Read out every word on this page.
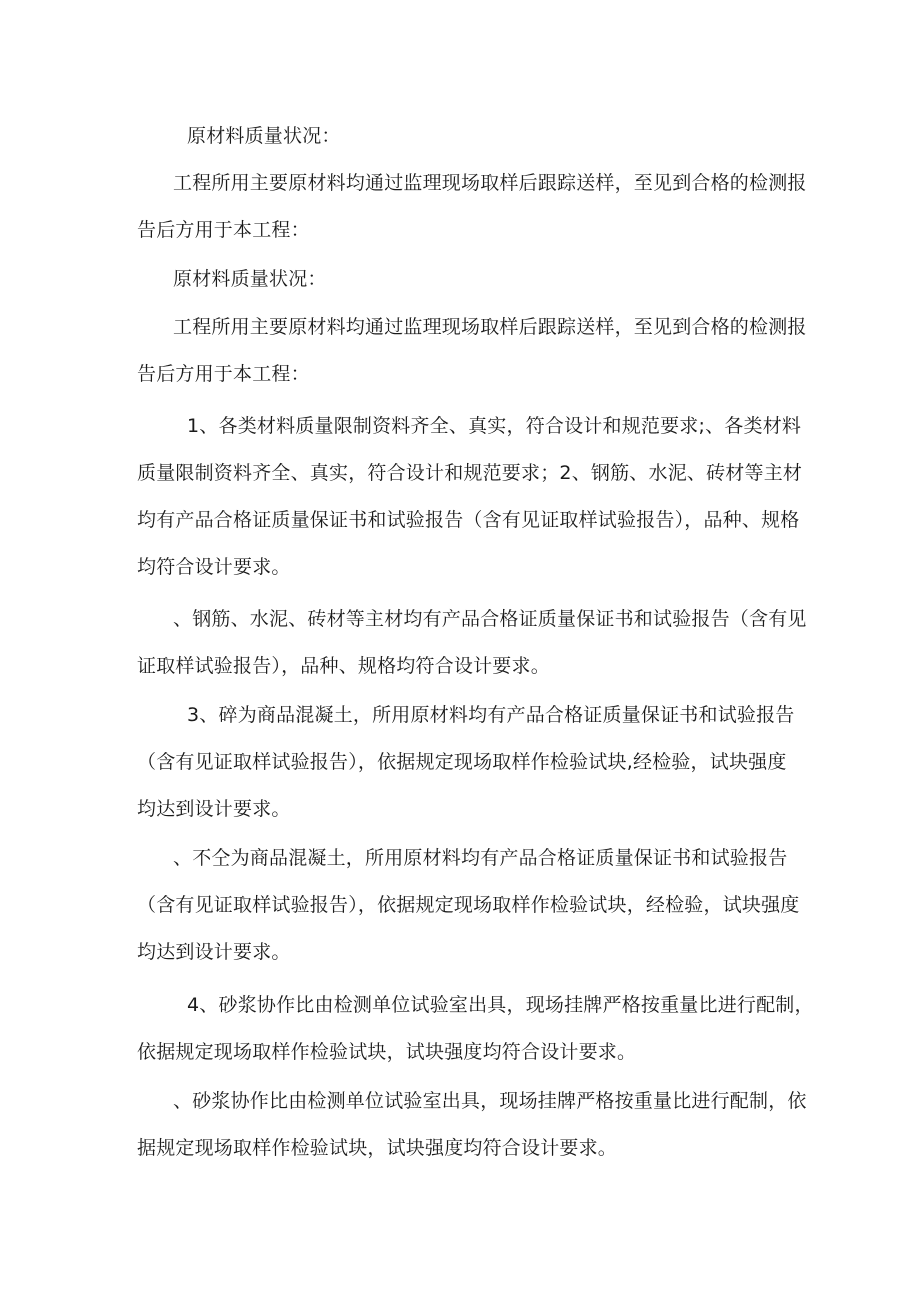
原材料质量状况：
工程所用主要原材料均通过监理现场取样后跟踪送样，至见到合格的检测报
告后方用于本工程：
原材料质量状况：
工程所用主要原材料均通过监理现场取样后跟踪送样，至见到合格的检测报
告后方用于本工程：
1、各类材料质量限制资料齐全、真实，符合设计和规范要求;、各类材料
质量限制资料齐全、真实，符合设计和规范要求；2、钢筋、水泥、砖材等主材
均有产品合格证质量保证书和试验报告（含有见证取样试验报告），品种、规格
均符合设计要求。
、钢筋、水泥、砖材等主材均有产品合格证质量保证书和试验报告（含有见
证取样试验报告），品种、规格均符合设计要求。
3、碎为商品混凝土，所用原材料均有产品合格证质量保证书和试验报告
（含有见证取样试验报告），依据规定现场取样作检验试块,经检验，试块强度
均达到设计要求。
、不仝为商品混凝土，所用原材料均有产品合格证质量保证书和试验报告
（含有见证取样试验报告），依据规定现场取样作检验试块，经检验，试块强度
均达到设计要求。
4、砂浆协作比由检测单位试验室出具，现场挂牌严格按重量比进行配制，
依据规定现场取样作检验试块，试块强度均符合设计要求。
、砂浆协作比由检测单位试验室出具，现场挂牌严格按重量比进行配制，依
据规定现场取样作检验试块，试块强度均符合设计要求。
